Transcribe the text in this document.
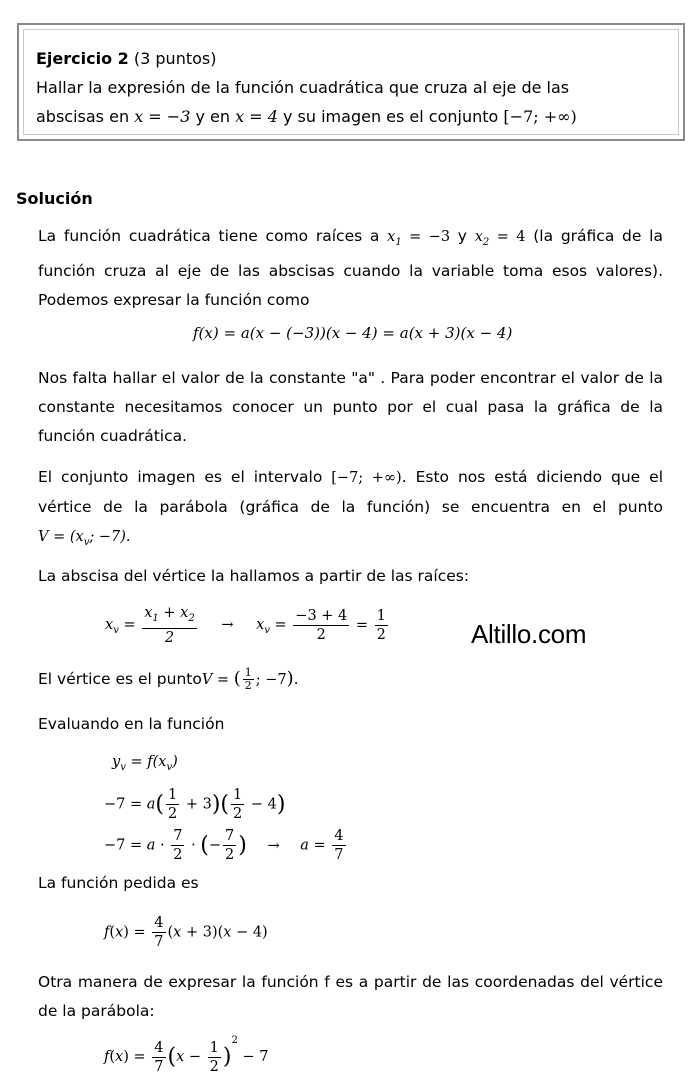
Ejercicio 2 (3 puntos)

Hallar la expresión de la función cuadrática que cruza al eje de las

abscisas en x = −3 y en x = 4 y su imagen es el conjunto [−7; +∞)

Solución

La función cuadrática tiene como raíces a $x_1 = -3$ y $x_2 = 4$ (la gráfica de la función cruza al eje de las abscisas cuando la variable toma esos valores). Podemos expresar la función como

f(x) = a(x − (−3))(x − 4) = a(x + 3)(x − 4)

Nos falta hallar el valor de la constante "a" . Para poder encontrar el valor de la constante necesitamos conocer un punto por el cual pasa la gráfica de la función cuadrática.

El conjunto imagen es el intervalo [−7; +∞). Esto nos está diciendo que el vértice de la parábola (gráfica de la función) se encuentra en el punto $V = (x_v$; −7).

La abscisa del vértice la hallamos a partir de las raíces:

$x_v = \frac{x_1 + x_2}{2} \to x_v = \frac{-3 + 4}{2} = \frac{1}{2}$	Altillo.com
El vértice es el puntoV = ( $\frac{1}{2}$ ; −7).
Evaluando en la función
$y_v = f(x_v)$
$-7 = a( \frac{1}{2} + 3)( \frac{1}{2} - 4)$
$-7 = a \cdot \frac{7}{2}$ · (− $\frac{7}{2}$ ) → $a = \frac{4}{7}$
La función pedida es
$f(x) = \frac{4}{7} (x + 3)(x - 4)$

Otra manera de expresar la función f es a partir de las coordenadas del vértice de la parábola:

$f(x) = \frac{4}{7} (x - \frac{1}{2} )^2 - 7$
